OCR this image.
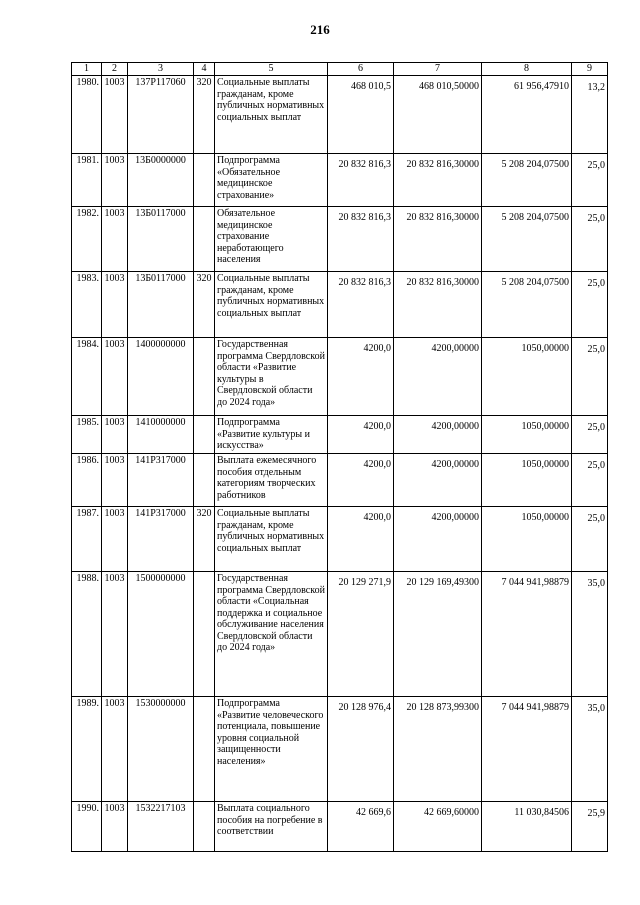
216
1	2	3	4	5	6	7	8	9
1980.	1003	137P117060	320	Социальные выплаты гражданам, кроме публичных нормативных социальных выплат	468 010,5	468 010,50000	61 956,47910	13,2
1981.	1003	13Б0000000		Подпрограмма «Обязательное медицинское страхование»	20 832 816,3	20 832 816,30000	5 208 204,07500	25,0
1982.	1003	13Б0117000		Обязательное медицинское страхование неработающего населения	20 832 816,3	20 832 816,30000	5 208 204,07500	25,0
1983.	1003	13Б0117000	320	Социальные выплаты гражданам, кроме публичных нормативных социальных выплат	20 832 816,3	20 832 816,30000	5 208 204,07500	25,0
1984.	1003	1400000000		Государственная программа Свердловской области «Развитие культуры в Свердловской области до 2024 года»	4200,0	4200,00000	1050,00000	25,0
1985.	1003	1410000000		Подпрограмма «Развитие культуры и искусства»	4200,0	4200,00000	1050,00000	25,0
1986.	1003	141P317000		Выплата ежемесячного пособия отдельным категориям творческих работников	4200,0	4200,00000	1050,00000	25,0
1987.	1003	141P317000	320	Социальные выплаты гражданам, кроме публичных нормативных социальных выплат	4200,0	4200,00000	1050,00000	25,0
1988.	1003	1500000000		Государственная программа Свердловской области «Социальная поддержка и социальное обслуживание населения Свердловской области до 2024 года»	20 129 271,9	20 129 169,49300	7 044 941,98879	35,0
1989.	1003	1530000000		Подпрограмма «Развитие человеческого потенциала, повышение уровня социальной защищенности населения»	20 128 976,4	20 128 873,99300	7 044 941,98879	35,0
1990.	1003	1532217103		Выплата социального пособия на погребение в соответствии	42 669,6	42 669,60000	11 030,84506	25,9
